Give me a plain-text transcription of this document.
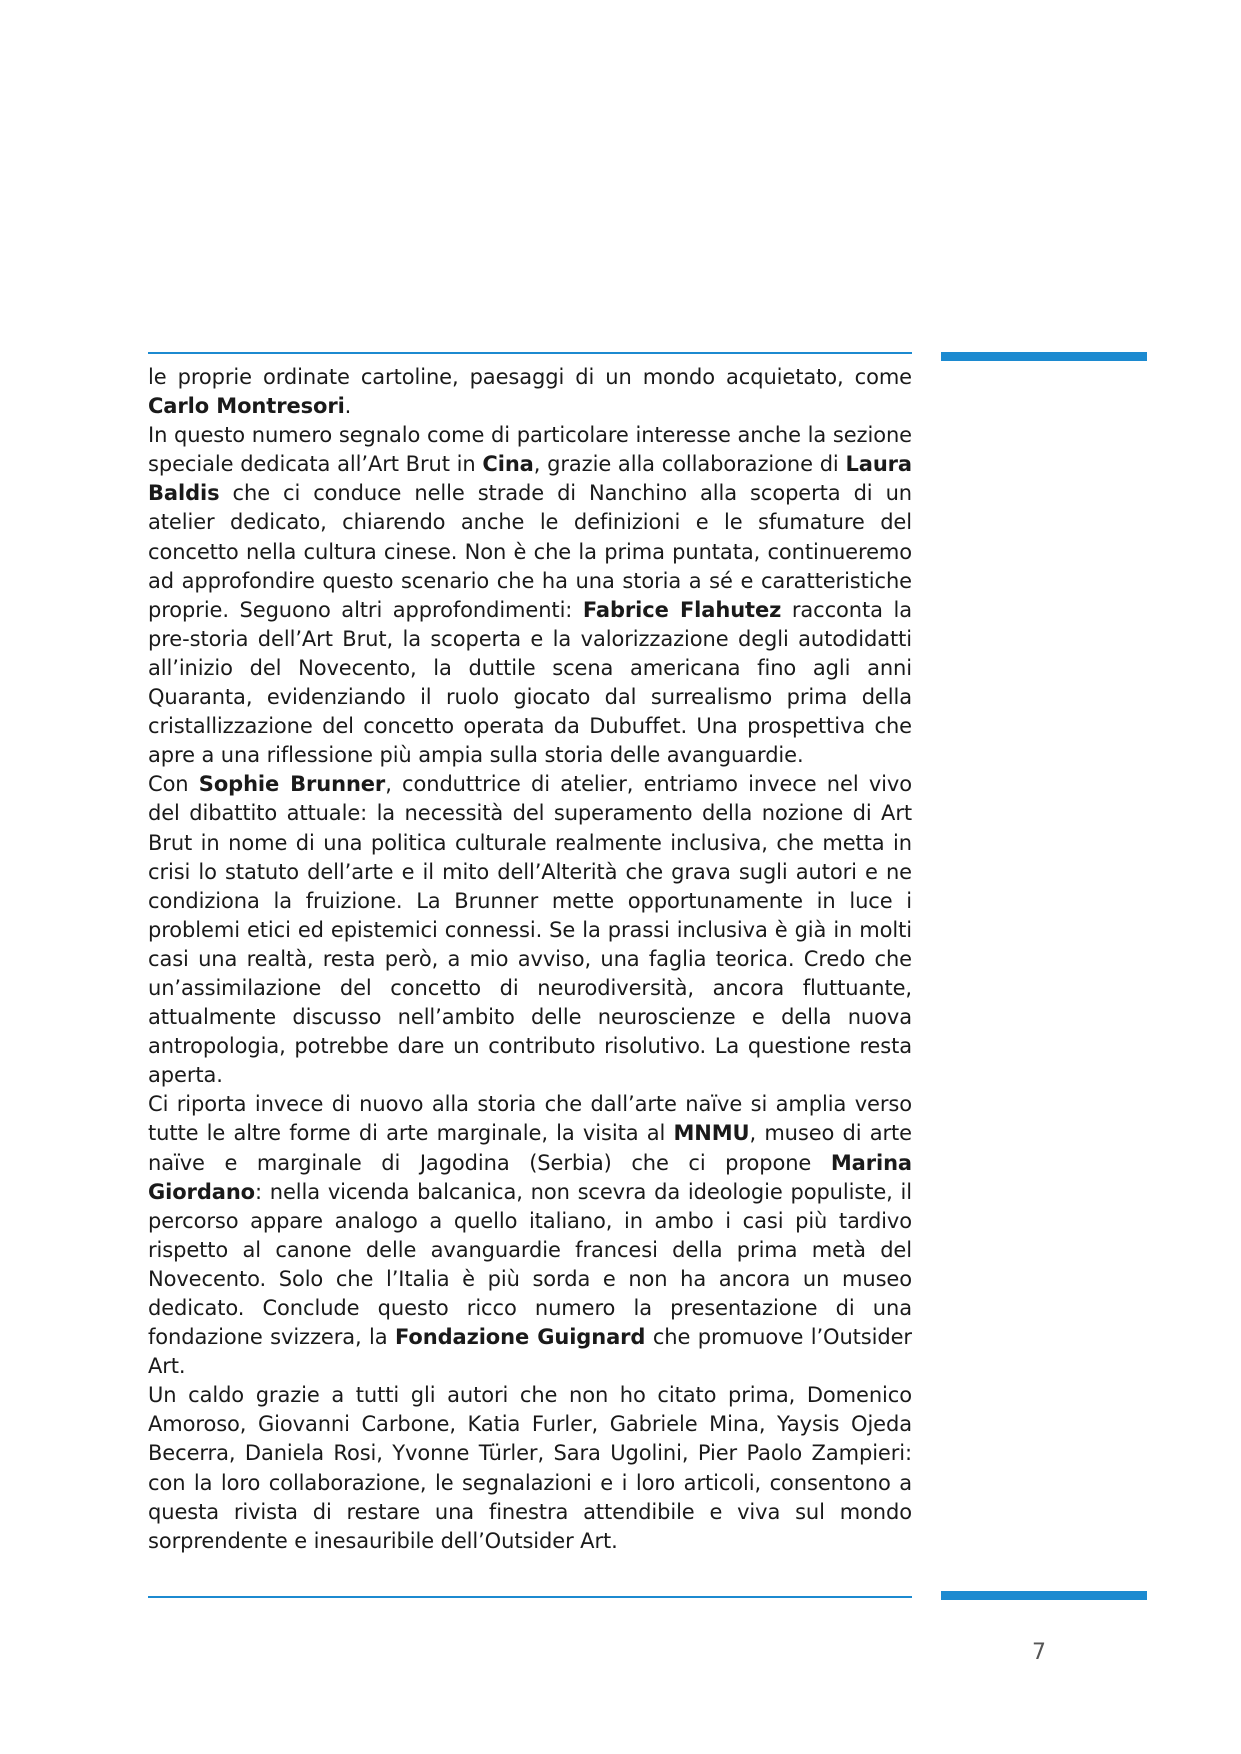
le proprie ordinate cartoline, paesaggi di un mondo acquietato, come Carlo Montresori.

In questo numero segnalo come di particolare interesse anche la sezione speciale dedicata all’Art Brut in Cina, grazie alla collaborazione di Laura Baldis che ci conduce nelle strade di Nanchino alla scoperta di un atelier dedicato, chiarendo anche le definizioni e le sfumature del concetto nella cultura cinese. Non è che la prima puntata, continueremo ad approfondire questo scenario che ha una storia a sé e caratteristiche proprie. Seguono altri approfondimenti: Fabrice Flahutez racconta la pre-storia dell’Art Brut, la scoperta e la valorizzazione degli autodidatti all’inizio del Novecento, la duttile scena americana fino agli anni Quaranta, evidenziando il ruolo giocato dal surrealismo prima della cristallizzazione del concetto operata da Dubuffet. Una prospettiva che apre a una riflessione più ampia sulla storia delle avanguardie.

Con Sophie Brunner, conduttrice di atelier, entriamo invece nel vivo del dibattito attuale: la necessità del superamento della nozione di Art Brut in nome di una politica culturale realmente inclusiva, che metta in crisi lo statuto dell’arte e il mito dell’Alterità che grava sugli autori e ne condiziona la fruizione. La Brunner mette opportunamente in luce i problemi etici ed epistemici connessi. Se la prassi inclusiva è già in molti casi una realtà, resta però, a mio avviso, una faglia teorica. Credo che un’assimilazione del concetto di neurodiversità, ancora fluttuante, attualmente discusso nell’ambito delle neuroscienze e della nuova antropologia, potrebbe dare un contributo risolutivo. La questione resta aperta.

Ci riporta invece di nuovo alla storia che dall’arte naïve si amplia verso tutte le altre forme di arte marginale, la visita al MNMU, museo di arte naïve e marginale di Jagodina (Serbia) che ci propone Marina Giordano: nella vicenda balcanica, non scevra da ideologie populiste, il percorso appare analogo a quello italiano, in ambo i casi più tardivo rispetto al canone delle avanguardie francesi della prima metà del Novecento. Solo che l’Italia è più sorda e non ha ancora un museo dedicato. Conclude questo ricco numero la presentazione di una fondazione svizzera, la Fondazione Guignard che promuove l’Outsider Art.

Un caldo grazie a tutti gli autori che non ho citato prima, Domenico Amoroso, Giovanni Carbone, Katia Furler, Gabriele Mina, Yaysis Ojeda Becerra, Daniela Rosi, Yvonne Türler, Sara Ugolini, Pier Paolo Zampieri: con la loro collaborazione, le segnalazioni e i loro articoli, consentono a questa rivista di restare una finestra attendibile e viva sul mondo sorprendente e inesauribile dell’Outsider Art.

7
